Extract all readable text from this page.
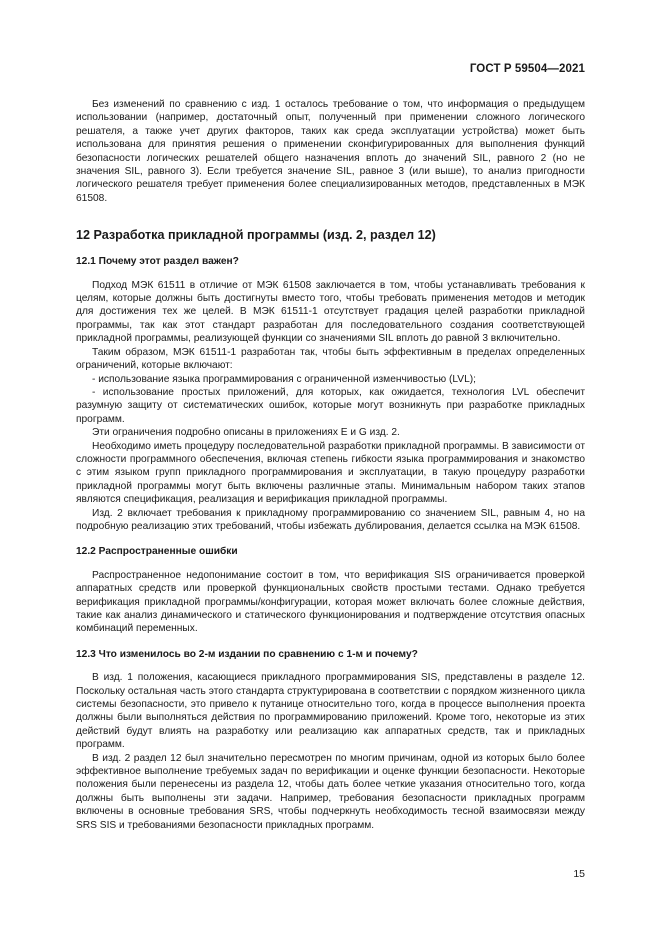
ГОСТ Р 59504—2021

Без изменений по сравнению с изд. 1 осталось требование о том, что информация о предыдущем использовании (например, достаточный опыт, полученный при применении сложного логического решателя, а также учет других факторов, таких как среда эксплуатации устройства) может быть использована для принятия решения о применении сконфигурированных для выполнения функций безопасности логических решателей общего назначения вплоть до значений SIL, равного 2 (но не значения SIL, равного 3). Если требуется значение SIL, равное 3 (или выше), то анализ пригодности логического решателя требует применения более специализированных методов, представленных в МЭК 61508.

12 Разработка прикладной программы (изд. 2, раздел 12)
12.1 Почему этот раздел важен?

Подход МЭК 61511 в отличие от МЭК 61508 заключается в том, чтобы устанавливать требования к целям, которые должны быть достигнуты вместо того, чтобы требовать применения методов и методик для достижения тех же целей. В МЭК 61511-1 отсутствует градация целей разработки прикладной программы, так как этот стандарт разработан для последовательного создания соответствующей прикладной программы, реализующей функции со значениями SIL вплоть до равной 3 включительно.

Таким образом, МЭК 61511-1 разработан так, чтобы быть эффективным в пределах определенных ограничений, которые включают:

- использование языка программирования с ограниченной изменчивостью (LVL);

- использование простых приложений, для которых, как ожидается, технология LVL обеспечит разумную защиту от систематических ошибок, которые могут возникнуть при разработке прикладных программ.

Эти ограничения подробно описаны в приложениях Е и G изд. 2.

Необходимо иметь процедуру последовательной разработки прикладной программы. В зависимости от сложности программного обеспечения, включая степень гибкости языка программирования и знакомство с этим языком групп прикладного программирования и эксплуатации, в такую процедуру разработки прикладной программы могут быть включены различные этапы. Минимальным набором таких этапов являются спецификация, реализация и верификация прикладной программы.

Изд. 2 включает требования к прикладному программированию со значением SIL, равным 4, но на подробную реализацию этих требований, чтобы избежать дублирования, делается ссылка на МЭК 61508.

12.2 Распространенные ошибки

Распространенное недопонимание состоит в том, что верификация SIS ограничивается проверкой аппаратных средств или проверкой функциональных свойств простыми тестами. Однако требуется верификация прикладной программы/конфигурации, которая может включать более сложные действия, такие как анализ динамического и статического функционирования и подтверждение отсутствия опасных комбинаций переменных.

12.3 Что изменилось во 2-м издании по сравнению с 1-м и почему?

В изд. 1 положения, касающиеся прикладного программирования SIS, представлены в разделе 12. Поскольку остальная часть этого стандарта структурирована в соответствии с порядком жизненного цикла системы безопасности, это привело к путанице относительно того, когда в процессе выполнения проекта должны были выполняться действия по программированию приложений. Кроме того, некоторые из этих действий будут влиять на разработку или реализацию как аппаратных средств, так и прикладных программ.

В изд. 2 раздел 12 был значительно пересмотрен по многим причинам, одной из которых было более эффективное выполнение требуемых задач по верификации и оценке функции безопасности. Некоторые положения были перенесены из раздела 12, чтобы дать более четкие указания относительно того, когда должны быть выполнены эти задачи. Например, требования безопасности прикладных программ включены в основные требования SRS, чтобы подчеркнуть необходимость тесной взаимосвязи между SRS SIS и требованиями безопасности прикладных программ.

15
